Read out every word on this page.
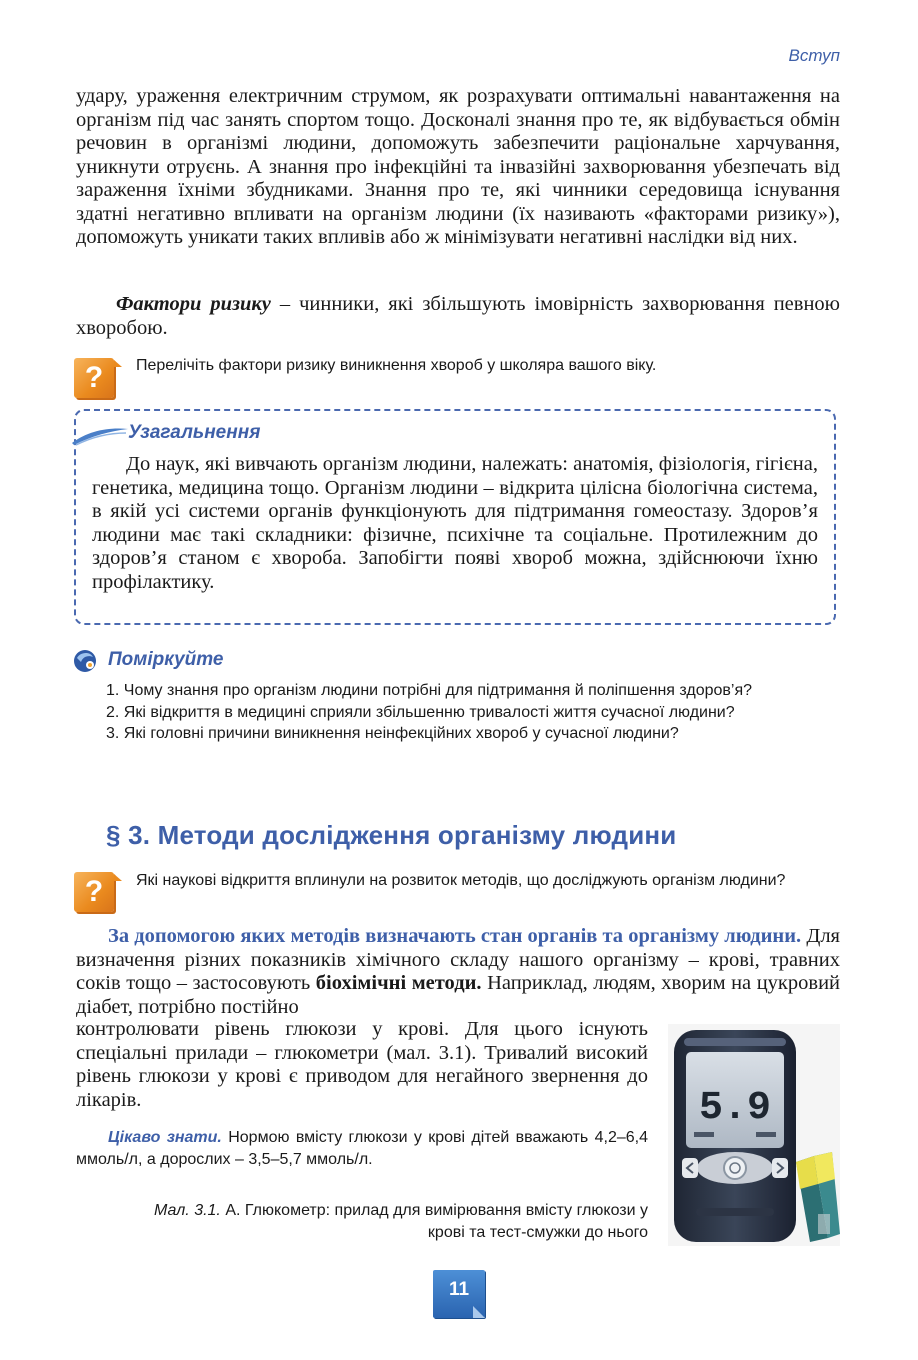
Вступ
удару, ураження електричним струмом, як розрахувати оптимальні навантаження на організм під час занять спортом тощо. Досконалі знання про те, як відбувається обмін речовин в організмі людини, допоможуть забезпечити раціональне харчування, уникнути отруєнь. А знання про інфекційні та інвазійні захворювання убезпечать від зараження їхніми збудниками. Знання про те, які чинники середовища існування здатні негативно впливати на організм людини (їх називають «факторами ризику»), допоможуть уникати таких впливів або ж мінімізувати негативні наслідки від них.

Фактори ризику – чинники, які збільшують імовірність захворювання певною хворобою.

?	Перелічіть фактори ризику виникнення хвороб у школяра вашого віку.
Узагальнення
До наук, які вивчають організм людини, належать: анатомія, фізіологія, гігієна, генетика, медицина тощо. Організм людини – відкрита цілісна біологічна система, в якій усі системи органів функціонують для підтримання гомеостазу. Здоров’я людини має такі складники: фізичне, психічне та соціальне. Протилежним до здоров’я станом є хвороба. Запобігти появі хвороб можна, здійснюючи їхню профілактику.
Поміркуйте

1. Чому знання про організм людини потрібні для підтримання й поліпшення здоров’я?

2. Які відкриття в медицині сприяли збільшенню тривалості життя сучасної людини?

3. Які головні причини виникнення неінфекційних хвороб у сучасної людини?

§ 3. Методи дослідження організму людини
?	Які наукові відкриття вплинули на розвиток методів, що досліджують організм людини?
За допомогою яких методів визначають стан органів та організму людини. Для визначення різних показників хімічного складу нашого організму – крові, травних соків тощо – застосовують біохімічні методи. Наприклад, людям, хворим на цукровий діабет, потрібно постійно
контролювати рівень глюкози у крові. Для цього існують спеціальні прилади – глюкометри (мал. 3.1). Тривалий високий рівень глюкози у крові є приводом для негайного звернення до лікарів.
Цікаво знати. Нормою вмісту глюкози у крові дітей вважають 4,2–6,4 ммоль/л, а дорослих – 3,5–5,7 ммоль/л.
Мал. 3.1. А. Глюкометр: прилад для вимірювання вмісту глюкози у крові та тест-смужки до нього
5.9
11
